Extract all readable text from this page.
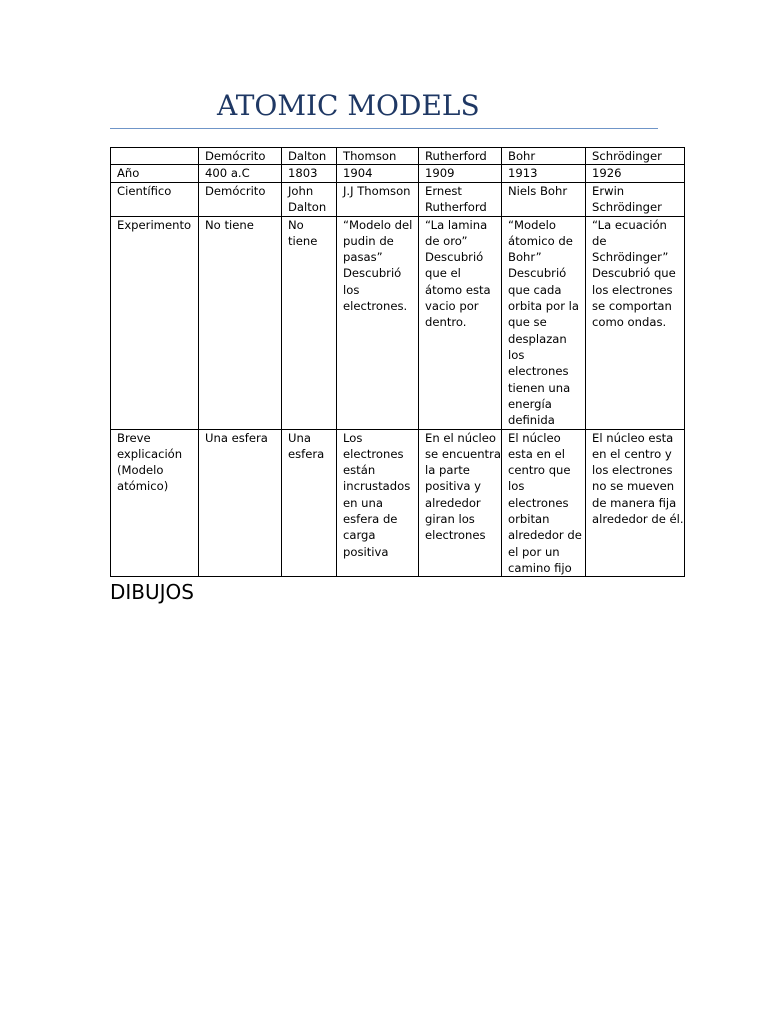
ATOMIC MODELS
	Demócrito	Dalton	Thomson	Rutherford	Bohr	Schrödinger
Año	400 a.C	1803	1904	1909	1913	1926
Científico	Demócrito	John Dalton	J.J Thomson	Ernest Rutherford	Niels Bohr	Erwin Schrödinger
Experimento	No tiene	No tiene	“Modelo del pudin de pasas” Descubrió los electrones.	“La lamina de oro” Descubrió que el átomo esta vacio por dentro.	“Modelo átomico de Bohr” Descubrió que cada orbita por la que se desplazan los electrones tienen una energía definida	“La ecuación de Schrödinger” Descubrió que los electrones se comportan como ondas.
Breve explicación (Modelo atómico)	Una esfera	Una esfera	Los electrones están incrustados en una esfera de carga positiva	En el núcleo se encuentra la parte positiva y alrededor giran los electrones	El núcleo esta en el centro que los electrones orbitan alrededor de el por un camino fijo	El núcleo esta en el centro y los electrones no se mueven de manera fija alrededor de él.
DIBUJOS
